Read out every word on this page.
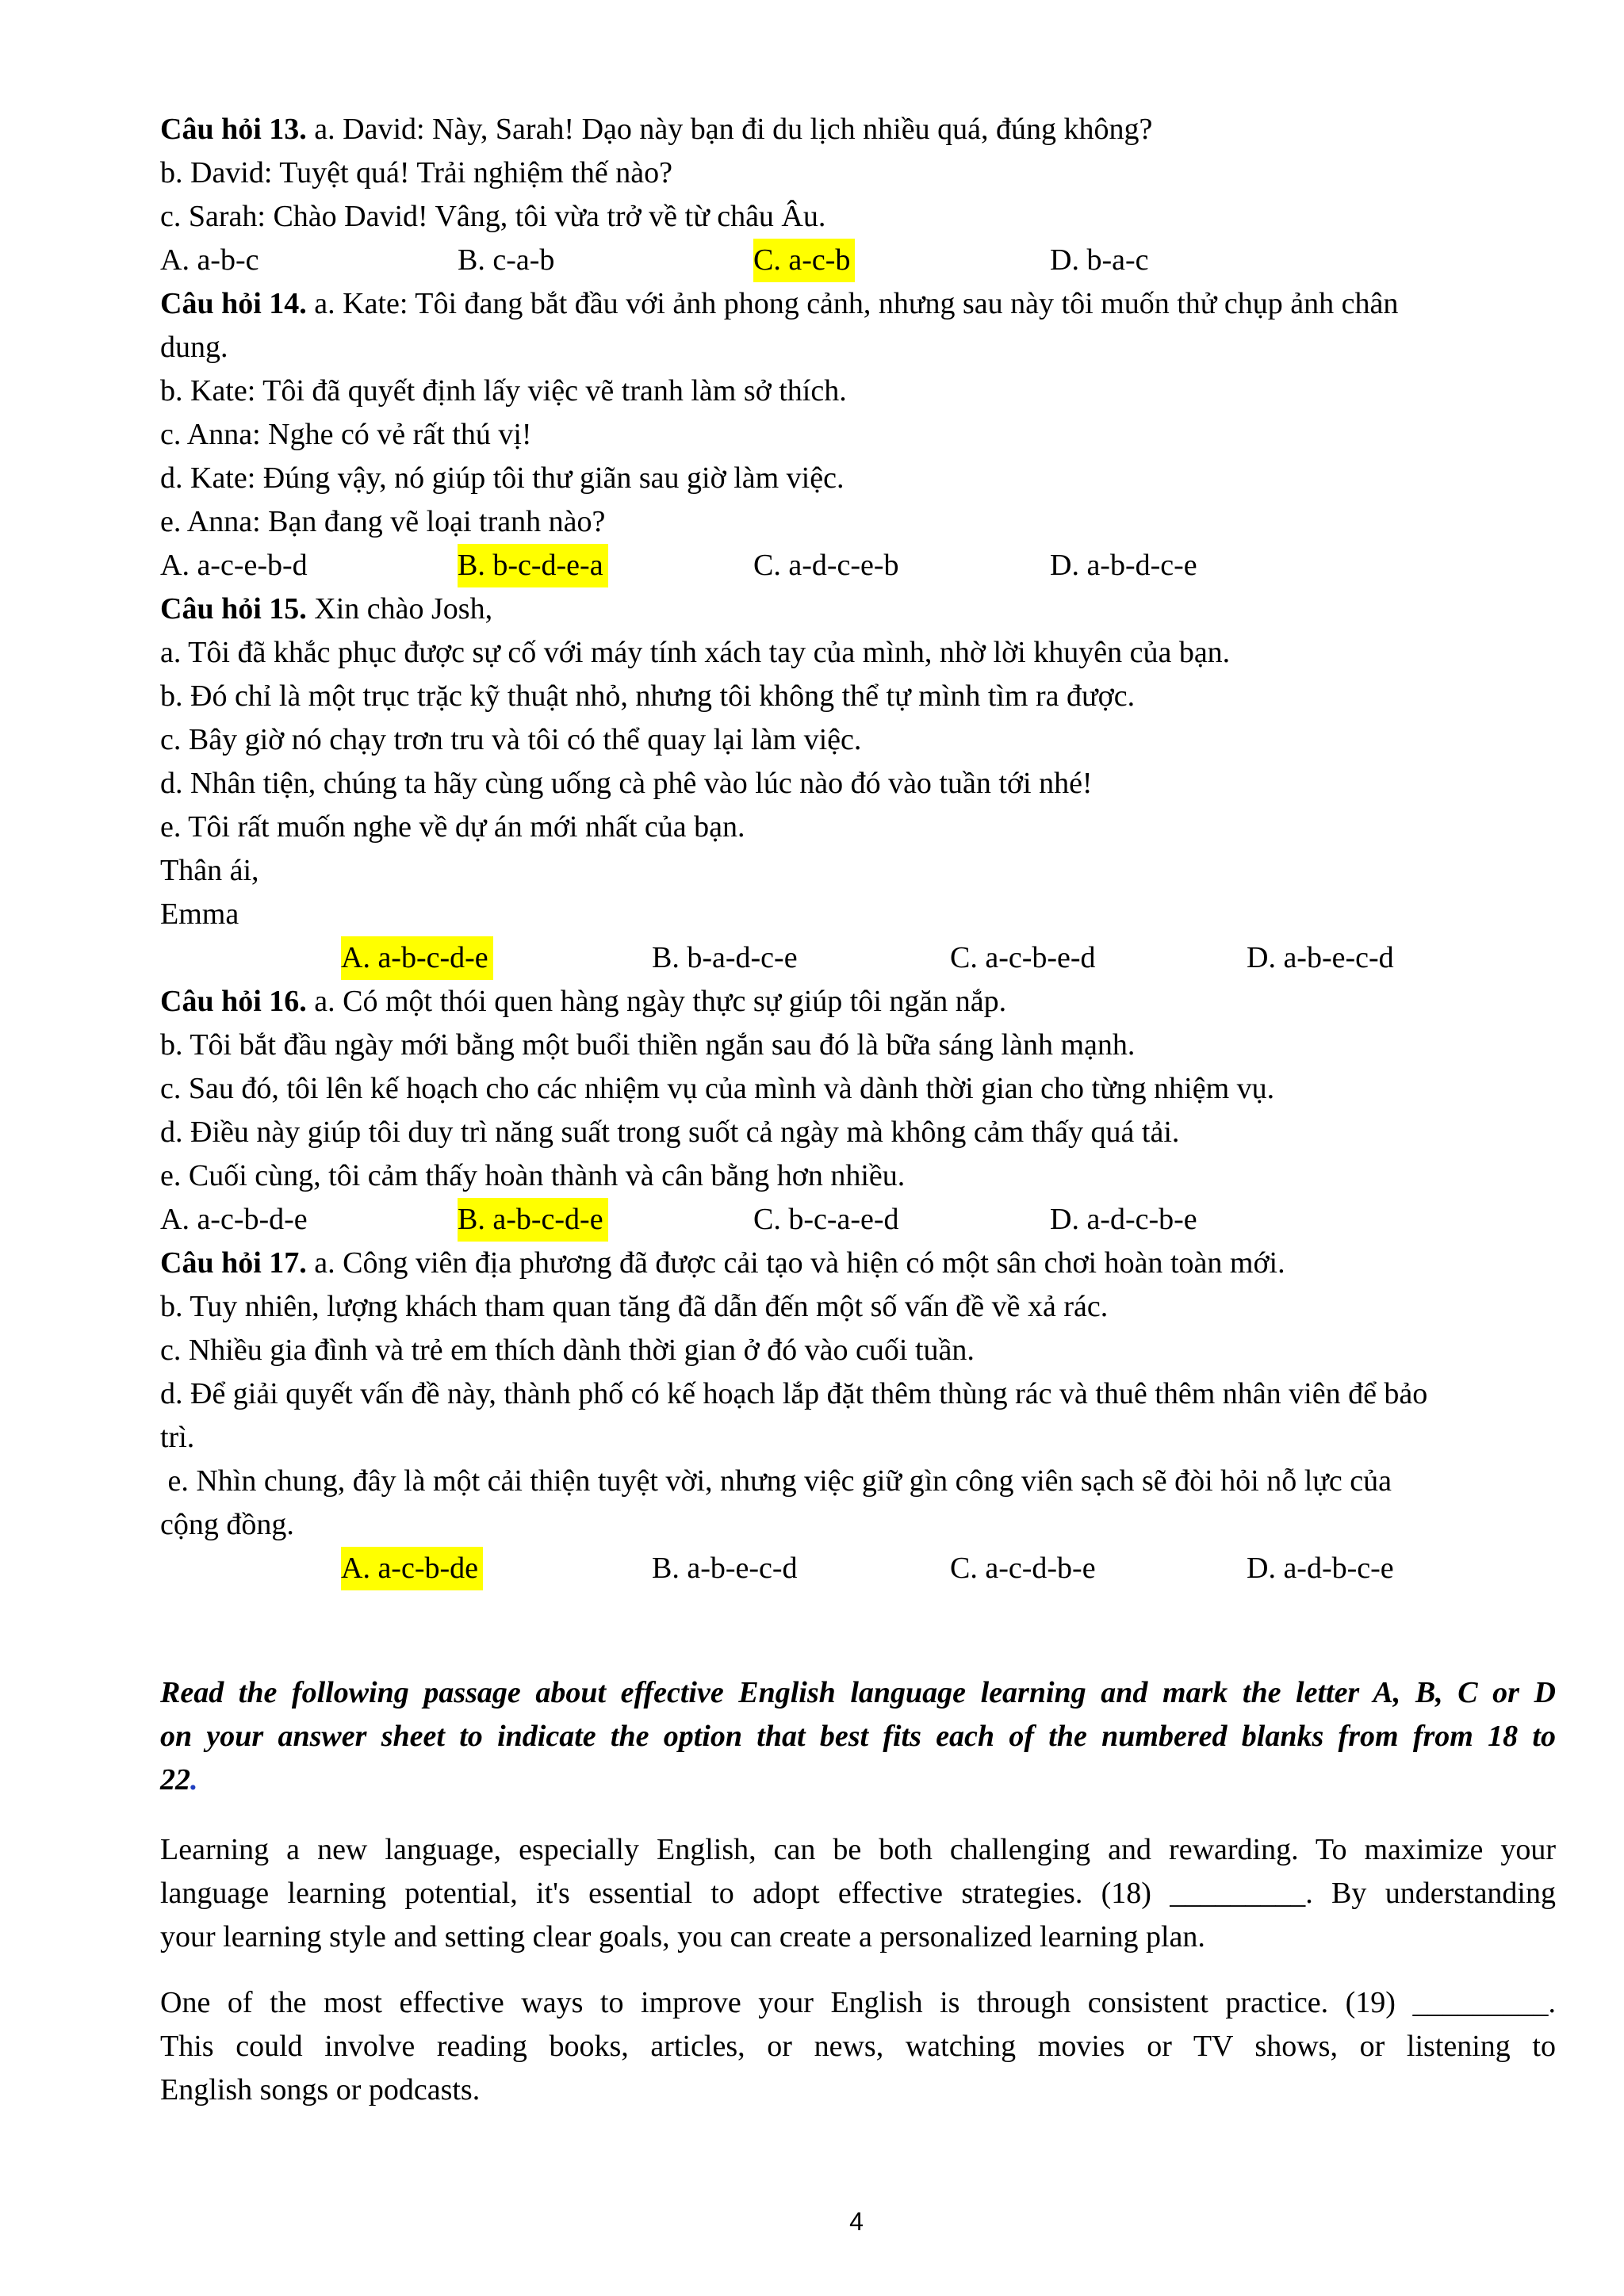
Câu hỏi 13. a. David: Này, Sarah! Dạo này bạn đi du lịch nhiều quá, đúng không?
b. David: Tuyệt quá! Trải nghiệm thế nào?
c. Sarah: Chào David! Vâng, tôi vừa trở về từ châu Âu.
A. a-b-c	B. c-a-b	C. a-c-b	D. b-a-c
Câu hỏi 14. a. Kate: Tôi đang bắt đầu với ảnh phong cảnh, nhưng sau này tôi muốn thử chụp ảnh chân
dung.
b. Kate: Tôi đã quyết định lấy việc vẽ tranh làm sở thích.
c. Anna: Nghe có vẻ rất thú vị!
d. Kate: Đúng vậy, nó giúp tôi thư giãn sau giờ làm việc.
e. Anna: Bạn đang vẽ loại tranh nào?
A. a-c-e-b-d	B. b-c-d-e-a	C. a-d-c-e-b	D. a-b-d-c-e
Câu hỏi 15. Xin chào Josh,
a. Tôi đã khắc phục được sự cố với máy tính xách tay của mình, nhờ lời khuyên của bạn.
b. Đó chỉ là một trục trặc kỹ thuật nhỏ, nhưng tôi không thể tự mình tìm ra được.
c. Bây giờ nó chạy trơn tru và tôi có thể quay lại làm việc.
d. Nhân tiện, chúng ta hãy cùng uống cà phê vào lúc nào đó vào tuần tới nhé!
e. Tôi rất muốn nghe về dự án mới nhất của bạn.
Thân ái,
Emma
A. a-b-c-d-e	B. b-a-d-c-e	C. a-c-b-e-d	D. a-b-e-c-d
Câu hỏi 16. a. Có một thói quen hàng ngày thực sự giúp tôi ngăn nắp.
b. Tôi bắt đầu ngày mới bằng một buổi thiền ngắn sau đó là bữa sáng lành mạnh.
c. Sau đó, tôi lên kế hoạch cho các nhiệm vụ của mình và dành thời gian cho từng nhiệm vụ.
d. Điều này giúp tôi duy trì năng suất trong suốt cả ngày mà không cảm thấy quá tải.
e. Cuối cùng, tôi cảm thấy hoàn thành và cân bằng hơn nhiều.
A. a-c-b-d-e	B. a-b-c-d-e	C. b-c-a-e-d	D. a-d-c-b-e
Câu hỏi 17. a. Công viên địa phương đã được cải tạo và hiện có một sân chơi hoàn toàn mới.
b. Tuy nhiên, lượng khách tham quan tăng đã dẫn đến một số vấn đề về xả rác.
c. Nhiều gia đình và trẻ em thích dành thời gian ở đó vào cuối tuần.
d. Để giải quyết vấn đề này, thành phố có kế hoạch lắp đặt thêm thùng rác và thuê thêm nhân viên để bảo
trì.
e. Nhìn chung, đây là một cải thiện tuyệt vời, nhưng việc giữ gìn công viên sạch sẽ đòi hỏi nỗ lực của
cộng đồng.
A. a-c-b-de	B. a-b-e-c-d	C. a-c-d-b-e	D. a-d-b-c-e
Read the following passage about effective English language learning and mark the letter A, B, C or D
on your answer sheet to indicate the option that best fits each of the numbered blanks from from 18 to
22.
Learning a new language, especially English, can be both challenging and rewarding. To maximize your
language learning potential, it's essential to adopt effective strategies. (18) _________. By understanding
your learning style and setting clear goals, you can create a personalized learning plan.
One of the most effective ways to improve your English is through consistent practice. (19) _________.
This could involve reading books, articles, or news, watching movies or TV shows, or listening to
English songs or podcasts.
4
